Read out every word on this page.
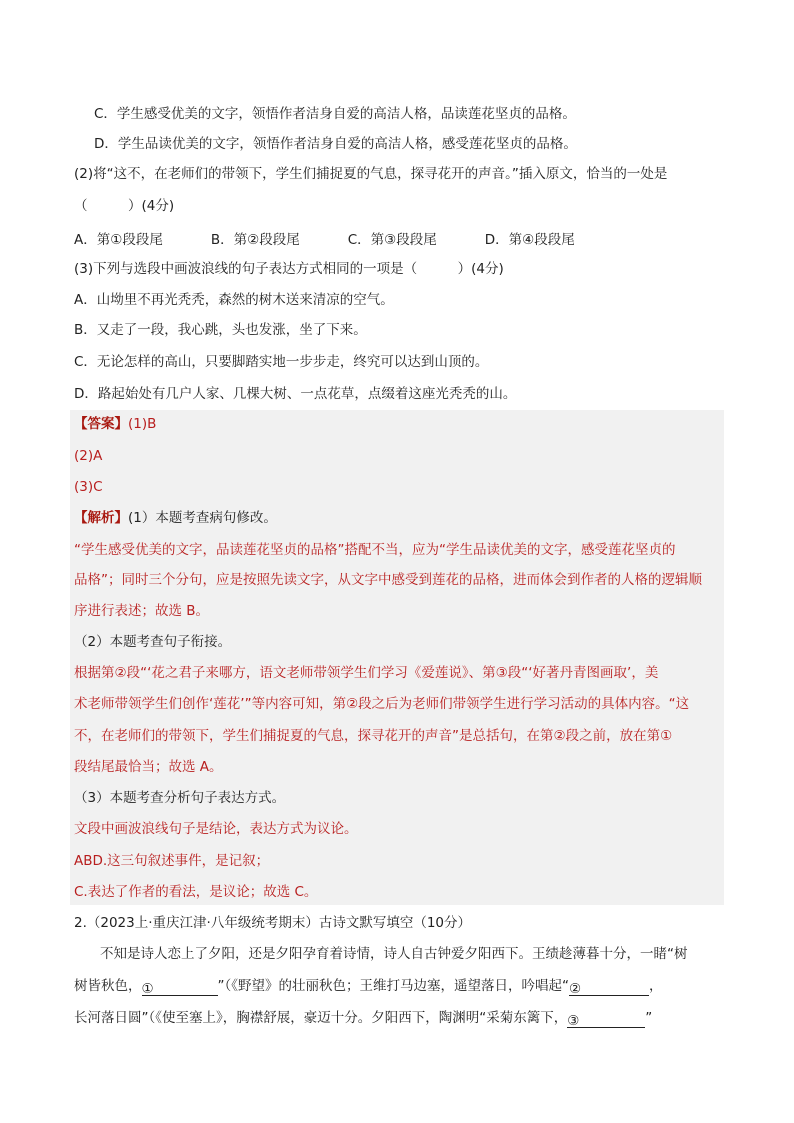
C．学生感受优美的文字，领悟作者洁身自爱的高洁人格，品读莲花坚贞的品格。
D．学生品读优美的文字，领悟作者洁身自爱的高洁人格，感受莲花坚贞的品格。
(2)将“这不，在老师们的带领下，学生们捕捉夏的气息，探寻花开的声音。”插入原文，恰当的一处是
（　　　）(4分)
A．第①段段尾	B．第②段段尾	C．第③段段尾	D．第④段段尾
(3)下列与选段中画波浪线的句子表达方式相同的一项是（　　　）(4分)
A．山坳里不再光秃秃，森然的树木送来清凉的空气。
B．又走了一段，我心跳，头也发涨，坐了下来。
C．无论怎样的高山，只要脚踏实地一步步走，终究可以达到山顶的。
D．路起始处有几户人家、几棵大树、一点花草，点缀着这座光秃秃的山。
【答案】(1)B
(2)A
(3)C
【解析】(1）本题考查病句修改。
“学生感受优美的文字，品读莲花坚贞的品格”搭配不当，应为“学生品读优美的文字，感受莲花坚贞的
品格”；同时三个分句，应是按照先读文字，从文字中感受到莲花的品格，进而体会到作者的人格的逻辑顺
序进行表述；故选 B。
（2）本题考查句子衔接。
根据第②段“‘花之君子来哪方，语文老师带领学生们学习《爱莲说》、第③段“‘好著丹青图画取’，美
术老师带领学生们创作‘莲花’”等内容可知，第②段之后为老师们带领学生进行学习活动的具体内容。“这
不，在老师们的带领下，学生们捕捉夏的气息，探寻花开的声音”是总括句，在第②段之前，放在第①
段结尾最恰当；故选 A。
（3）本题考查分析句子表达方式。
文段中画波浪线句子是结论，表达方式为议论。
ABD.这三句叙述事件，是记叙；
C.表达了作者的看法，是议论；故选 C。
2.（2023上·重庆江津·八年级统考期末）古诗文默写填空（10分）
不知是诗人恋上了夕阳，还是夕阳孕育着诗情，诗人自古钟爱夕阳西下。王绩趁薄暮十分，一睹“树
树皆秋色，①	”（《野望》的壮丽秋色；王维打马边塞，遥望落日，吟唱起“②	，
长河落日圆”（《使至塞上》，胸襟舒展，豪迈十分。夕阳西下，陶渊明“采菊东篱下，③	”
